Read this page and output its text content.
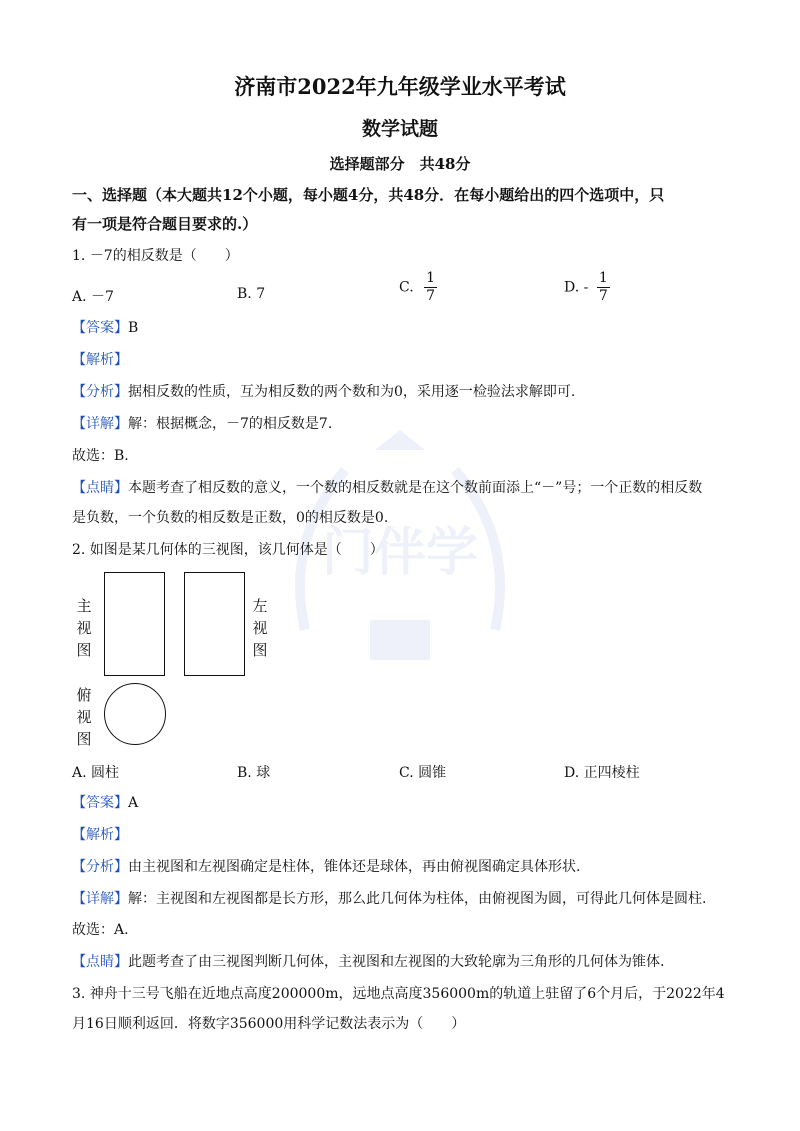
门伴学
济南市2022年九年级学业水平考试
数学试题
选择题部分　共48分
一、选择题（本大题共12个小题，每小题4分，共48分．在每小题给出的四个选项中，只
有一项是符合题目要求的.）
1. －7的相反数是（　　）
A. －7	B. 7	C. $\frac{1}{7}$	D. - $\frac{1}{7}$
【答案】B
【解析】
【分析】据相反数的性质，互为相反数的两个数和为0，采用逐一检验法求解即可.
【详解】解：根据概念，－7的相反数是7.
故选：B.
【点睛】本题考查了相反数的意义，一个数的相反数就是在这个数前面添上“－”号；一个正数的相反数
是负数，一个负数的相反数是正数，0的相反数是0.
2. 如图是某几何体的三视图，该几何体是（　　）
主视图
左视图
俯视图
A. 圆柱	B. 球	C. 圆锥	D. 正四棱柱
【答案】A
【解析】
【分析】由主视图和左视图确定是柱体，锥体还是球体，再由俯视图确定具体形状.
【详解】解：主视图和左视图都是长方形，那么此几何体为柱体，由俯视图为圆，可得此几何体是圆柱.
故选：A.
【点睛】此题考查了由三视图判断几何体，主视图和左视图的大致轮廓为三角形的几何体为锥体.
3. 神舟十三号飞船在近地点高度200000m，远地点高度356000m的轨道上驻留了6个月后，于2022年4
月16日顺利返回．将数字356000用科学记数法表示为（　　）
